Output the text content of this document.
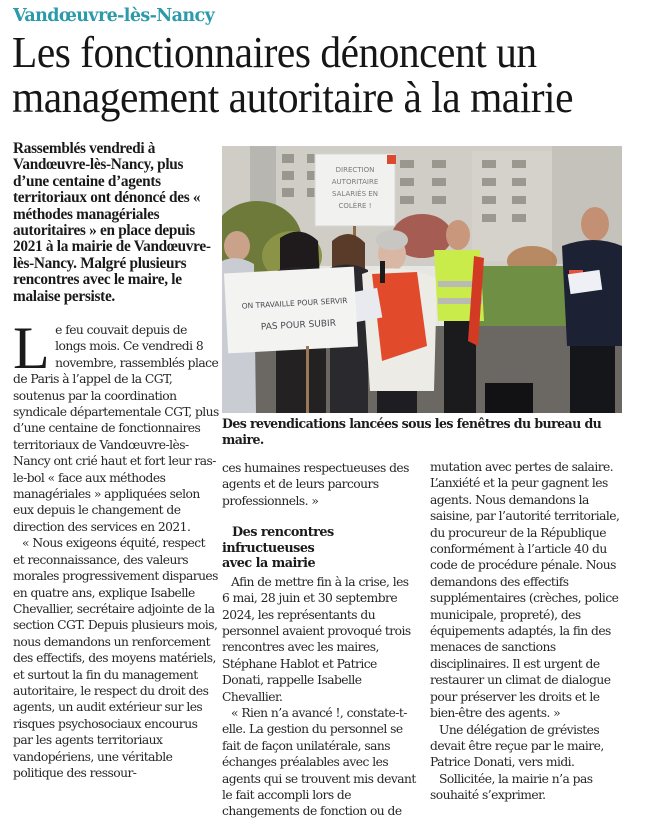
Vandœuvre-lès-Nancy
Les fonctionnaires dénoncent un management autoritaire à la mairie

Rassemblés vendredi à Vandœuvre-lès-Nancy, plus d’une centaine d’agents territoriaux ont dénoncé des « méthodes managériales autoritaires » en place depuis 2021 à la mairie de Vandœuvre-lès-Nancy. Malgré plusieurs rencontres avec le maire, le malaise persiste.

Le feu couvait depuis de longs mois. Ce vendredi 8 novembre, rassemblés place de Paris à l’appel de la CGT, soutenus par la coordination syndicale départementale CGT, plus d’une centaine de fonctionnaires territoriaux de Vandœuvre-lès-Nancy ont crié haut et fort leur ras-le-bol « face aux méthodes managériales » appliquées selon eux depuis le changement de direction des services en 2021.

« Nous exigeons équité, respect et reconnaissance, des valeurs morales progressivement disparues en quatre ans, explique Isabelle Chevallier, secrétaire adjointe de la section CGT. Depuis plusieurs mois, nous demandons un renforcement des effectifs, des moyens matériels, et surtout la fin du management autoritaire, le respect du droit des agents, un audit extérieur sur les risques psychosociaux encourus par les agents territoriaux vandopériens, une véritable politique des ressour-

DIRECTION
AUTORITAIRE
SALARIÉS EN
COLÈRE !
ON TRAVAILLE POUR SERVIR
PAS POUR SUBIR
Des revendications lancées sous les fenêtres du bureau du maire.

ces humaines respectueuses des agents et de leurs parcours professionnels. »

Des rencontres
infructueuses
avec la mairie

Afin de mettre fin à la crise, les 6 mai, 28 juin et 30 septembre 2024, les représentants du personnel avaient provoqué trois rencontres avec les maires, Stéphane Hablot et Patrice Donati, rappelle Isabelle Chevallier.

« Rien n’a avancé !, constate-t-elle. La gestion du personnel se fait de façon unilatérale, sans échanges préalables avec les agents qui se trouvent mis devant le fait accompli lors de changements de fonction ou de

mutation avec pertes de salaire. L’anxiété et la peur gagnent les agents. Nous demandons la saisine, par l’autorité territoriale, du procureur de la République conformément à l’article 40 du code de procédure pénale. Nous demandons des effectifs supplémentaires (crèches, police municipale, propreté), des équipements adaptés, la fin des menaces de sanctions disciplinaires. Il est urgent de restaurer un climat de dialogue pour préserver les droits et le bien-être des agents. »

Une délégation de grévistes devait être reçue par le maire, Patrice Donati, vers midi.

Sollicitée, la mairie n’a pas souhaité s’exprimer.
